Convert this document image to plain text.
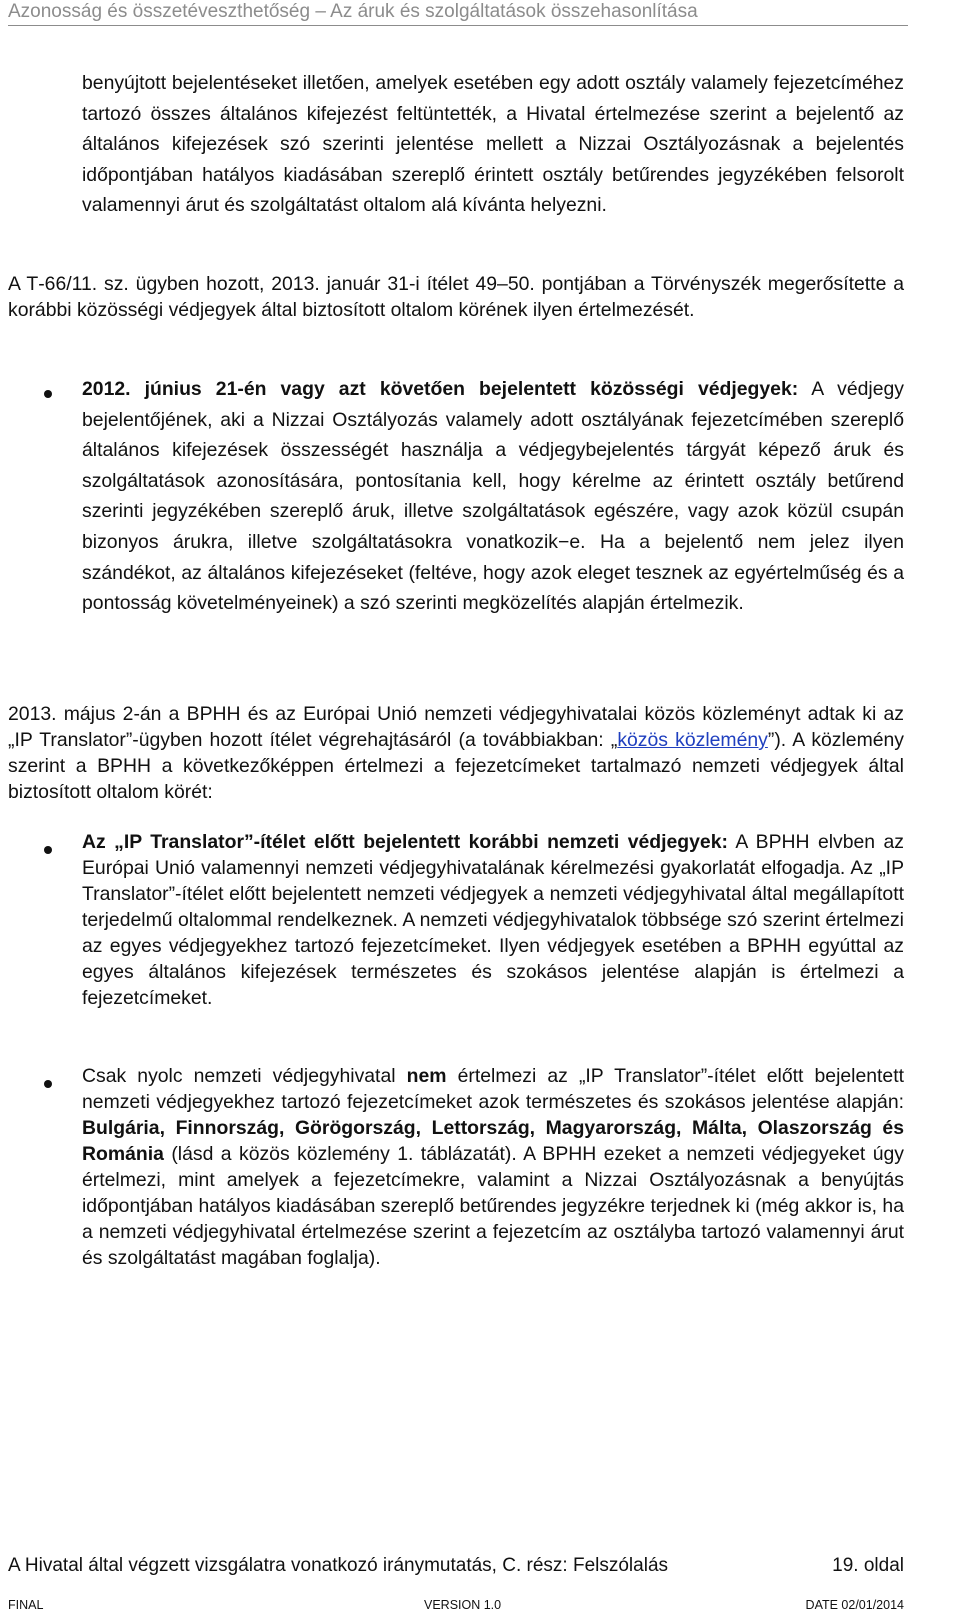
Azonosság és összetéveszthetőség – Az áruk és szolgáltatások összehasonlítása

benyújtott bejelentéseket illetően, amelyek esetében egy adott osztály valamely fejezetcíméhez tartozó összes általános kifejezést feltüntették, a Hivatal értelmezése szerint a bejelentő az általános kifejezések szó szerinti jelentése mellett a Nizzai Osztályozásnak a bejelentés időpontjában hatályos kiadásában szereplő érintett osztály betűrendes jegyzékében felsorolt valamennyi árut és szolgáltatást oltalom alá kívánta helyezni.

A T‑66/11. sz. ügyben hozott, 2013. január 31‑i ítélet 49–50. pontjában a Törvényszék megerősítette a korábbi közösségi védjegyek által biztosított oltalom körének ilyen értelmezését.

2012. június 21‑én vagy azt követően bejelentett közösségi védjegyek: A védjegy bejelentőjének, aki a Nizzai Osztályozás valamely adott osztályának fejezetcímében szereplő általános kifejezések összességét használja a védjegybejelentés tárgyát képező áruk és szolgáltatások azonosítására, pontosítania kell, hogy kérelme az érintett osztály betűrend szerinti jegyzékében szereplő áruk, illetve szolgáltatások egészére, vagy azok közül csupán bizonyos árukra, illetve szolgáltatásokra vonatkozik−e. Ha a bejelentő nem jelez ilyen szándékot, az általános kifejezéseket (feltéve, hogy azok eleget tesznek az egyértelműség és a pontosság követelményeinek) a szó szerinti megközelítés alapján értelmezik.

2013. május 2‑án a BPHH és az Európai Unió nemzeti védjegyhivatalai közös közleményt adtak ki az „IP Translator”‑ügyben hozott ítélet végrehajtásáról (a továbbiakban: „közös közlemény”). A közlemény szerint a BPHH a következőképpen értelmezi a fejezetcímeket tartalmazó nemzeti védjegyek által biztosított oltalom körét:

Az „IP Translator”‑ítélet előtt bejelentett korábbi nemzeti védjegyek: A BPHH elvben az Európai Unió valamennyi nemzeti védjegyhivatalának kérelmezési gyakorlatát elfogadja. Az „IP Translator”‑ítélet előtt bejelentett nemzeti védjegyek a nemzeti védjegyhivatal által megállapított terjedelmű oltalommal rendelkeznek. A nemzeti védjegyhivatalok többsége szó szerint értelmezi az egyes védjegyekhez tartozó fejezetcímeket. Ilyen védjegyek esetében a BPHH egyúttal az egyes általános kifejezések természetes és szokásos jelentése alapján is értelmezi a fejezetcímeket.

Csak nyolc nemzeti védjegyhivatal nem értelmezi az „IP Translator”‑ítélet előtt bejelentett nemzeti védjegyekhez tartozó fejezetcímeket azok természetes és szokásos jelentése alapján: Bulgária, Finnország, Görögország, Lettország, Magyarország, Málta, Olaszország és Románia (lásd a közös közlemény 1. táblázatát). A BPHH ezeket a nemzeti védjegyeket úgy értelmezi, mint amelyek a fejezetcímekre, valamint a Nizzai Osztályozásnak a benyújtás időpontjában hatályos kiadásában szereplő betűrendes jegyzékre terjednek ki (még akkor is, ha a nemzeti védjegyhivatal értelmezése szerint a fejezetcím az osztályba tartozó valamennyi árut és szolgáltatást magában foglalja).

A Hivatal által végzett vizsgálatra vonatkozó iránymutatás, C. rész: Felszólalás	19. oldal
FINAL	VERSION 1.0	DATE 02/01/2014
